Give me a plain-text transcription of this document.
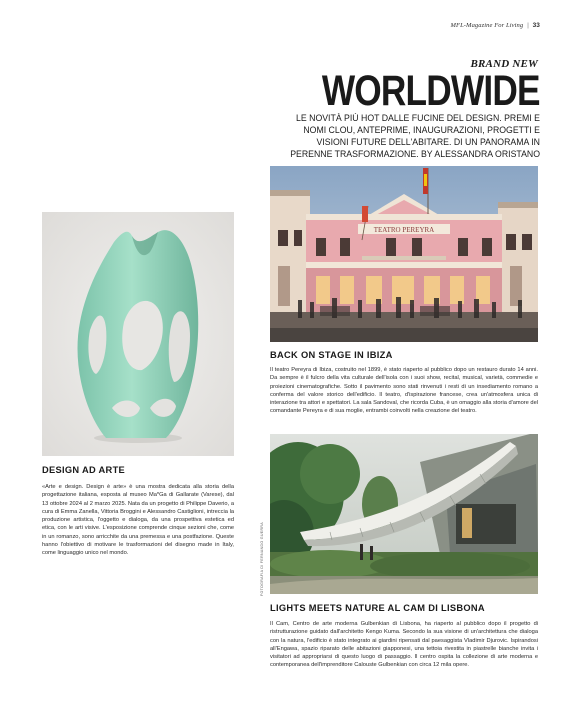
MFL-Magazine For Living | 33
BRAND NEW
WORLDWIDE
LE NOVITÀ PIÙ HOT DALLE FUCINE DEL DESIGN. PREMI E NOMI CLOU, ANTEPRIME, INAUGURAZIONI, PROGETTI E VISIONI FUTURE DELL'ABITARE. DI UN PANORAMA IN PERENNE TRASFORMAZIONE. BY ALESSANDRA ORISTANO
TEATRO PEREYRA
FOTOGRAFIA DI FERNANDO GUERRA
BACK ON STAGE IN IBIZA
Il teatro Pereyra di Ibiza, costruito nel 1899, è stato riaperto al pubblico dopo un restauro durato 14 anni. Da sempre è il fulcro della vita culturale dell'isola con i suoi show, recital, musical, varietà, commedie e proiezioni cinematografiche. Sotto il pavimento sono stati rinvenuti i resti di un insediamento romano a conferma del valore storico dell'edificio. Il teatro, d'ispirazione francese, crea un'atmosfera unica di interazione tra attori e spettatori. La sala Sandoval, che ricorda Cuba, è un omaggio alla storia d'amore del comandante Pereyra e di sua moglie, entrambi coinvolti nella creazione del teatro.
DESIGN AD ARTE
«Arte e design. Design è arte» è una mostra dedicata alla storia della progettazione italiana, esposta al museo Ma*Ga di Gallarate (Varese), dal 13 ottobre 2024 al 2 marzo 2025. Nata da un progetto di Philippe Daverio, a cura di Emma Zanella, Vittoria Broggini e Alessandro Castiglioni, intreccia la produzione artistica, l'oggetto e dialoga, da una prospettiva estetica ed etica, con le arti visive. L'esposizione comprende cinque sezioni che, come in un romanzo, sono arricchite da una premessa e una postfazione. Queste hanno l'obiettivo di motivare le trasformazioni del disegno made in Italy, come linguaggio unico nel mondo.
LIGHTS MEETS NATURE AL CAM DI LISBONA
Il Cam, Centro de arte moderna Gulbenkian di Lisbona, ha riaperto al pubblico dopo il progetto di ristrutturazione guidato dall'architetto Kengo Kuma. Secondo la sua visione di un'architettura che dialoga con la natura, l'edificio è stato integrato ai giardini ripensati dal paesaggista Vladimir Djurovic. Ispirandosi all'Engawa, spazio riparato delle abitazioni giapponesi, una tettoia rivestita in piastrelle bianche invita i visitatori ad appropriarsi di questo luogo di passaggio. Il centro ospita la collezione di arte moderna e contemporanea dell'imprenditore Calouste Gulbenkian con circa 12 mila opere.
